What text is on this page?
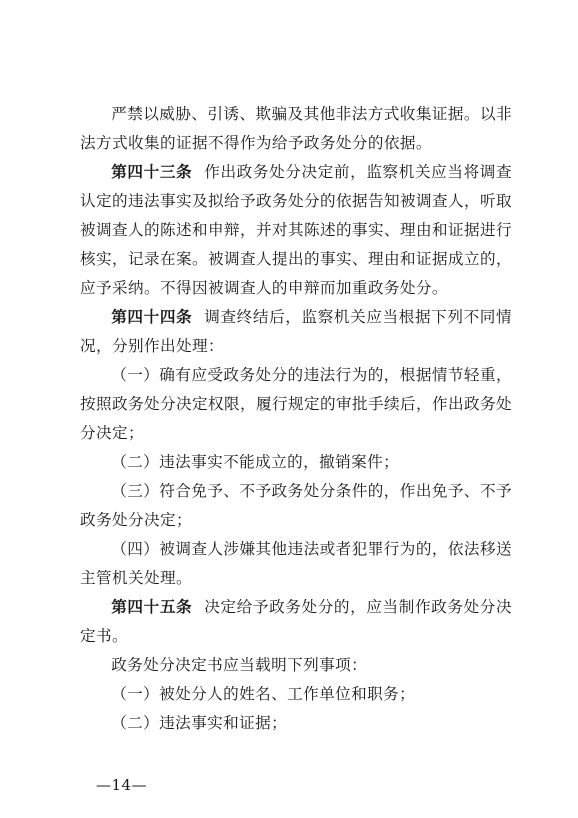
严禁以威胁、引诱、欺骗及其他非法方式收集证据。以非法方式收集的证据不得作为给予政务处分的依据。

第四十三条 作出政务处分决定前，监察机关应当将调查认定的违法事实及拟给予政务处分的依据告知被调查人，听取被调查人的陈述和申辩，并对其陈述的事实、理由和证据进行核实，记录在案。被调查人提出的事实、理由和证据成立的，应予采纳。不得因被调查人的申辩而加重政务处分。

第四十四条 调查终结后，监察机关应当根据下列不同情况，分别作出处理：

（一）确有应受政务处分的违法行为的，根据情节轻重，按照政务处分决定权限，履行规定的审批手续后，作出政务处分决定；

（二）违法事实不能成立的，撤销案件；

（三）符合免予、不予政务处分条件的，作出免予、不予政务处分决定；

（四）被调查人涉嫌其他违法或者犯罪行为的，依法移送主管机关处理。

第四十五条 决定给予政务处分的，应当制作政务处分决定书。

政务处分决定书应当载明下列事项：

（一）被处分人的姓名、工作单位和职务；

（二）违法事实和证据；

—14—
